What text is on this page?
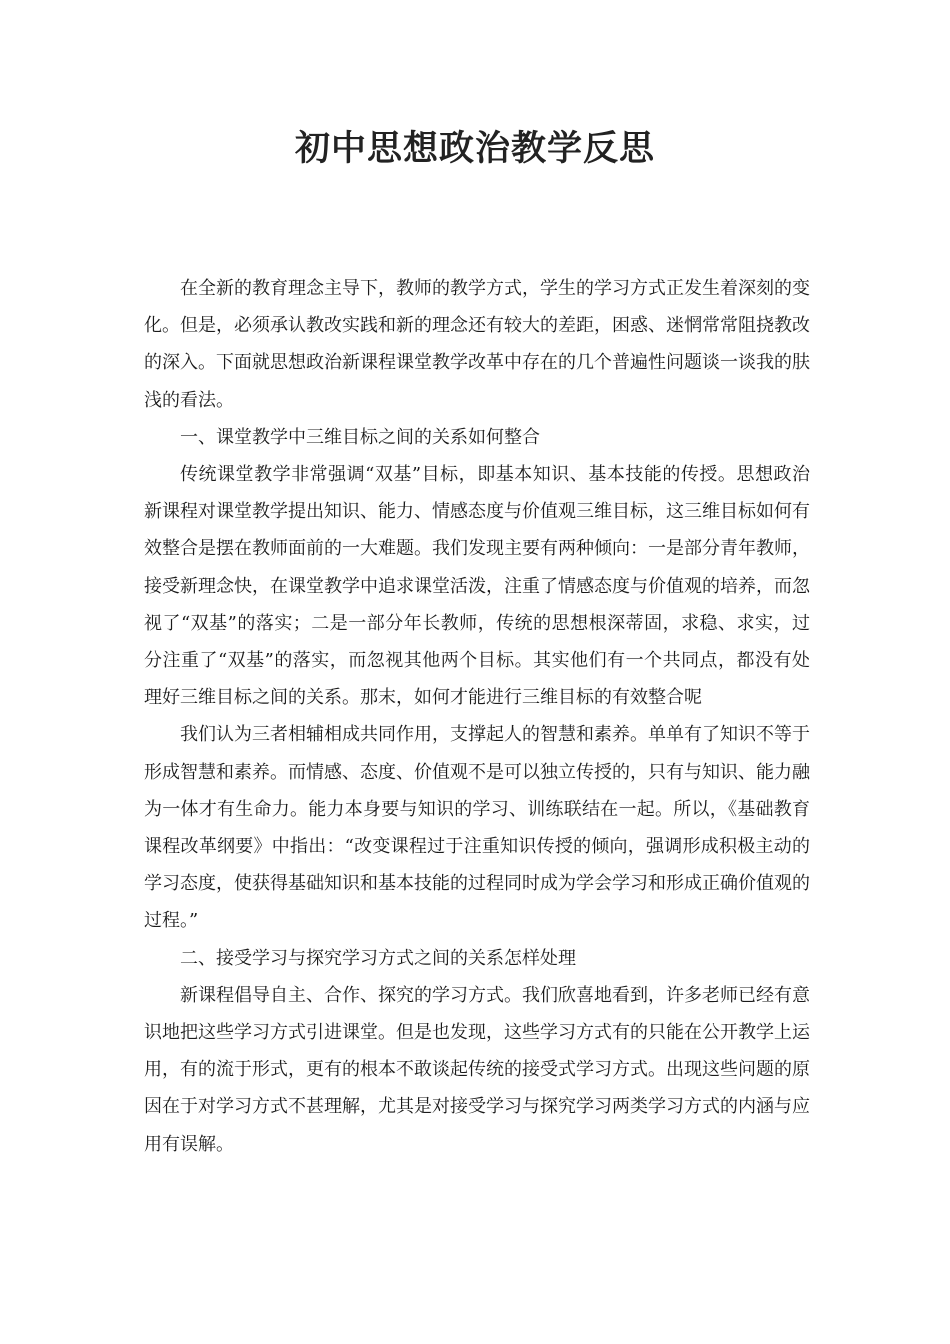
初中思想政治教学反思

在全新的教育理念主导下，教师的教学方式，学生的学习方式正发生着深刻的变化。但是，必须承认教改实践和新的理念还有较大的差距，困惑、迷惘常常阻挠教改的深入。下面就思想政治新课程课堂教学改革中存在的几个普遍性问题谈一谈我的肤浅的看法。

一、课堂教学中三维目标之间的关系如何整合

传统课堂教学非常强调“双基”目标，即基本知识、基本技能的传授。思想政治新课程对课堂教学提出知识、能力、情感态度与价值观三维目标，这三维目标如何有效整合是摆在教师面前的一大难题。我们发现主要有两种倾向：一是部分青年教师，接受新理念快，在课堂教学中追求课堂活泼，注重了情感态度与价值观的培养，而忽视了“双基”的落实；二是一部分年长教师，传统的思想根深蒂固，求稳、求实，过分注重了“双基”的落实，而忽视其他两个目标。其实他们有一个共同点，都没有处理好三维目标之间的关系。那末，如何才能进行三维目标的有效整合呢

我们认为三者相辅相成共同作用，支撑起人的智慧和素养。单单有了知识不等于形成智慧和素养。而情感、态度、价值观不是可以独立传授的，只有与知识、能力融为一体才有生命力。能力本身要与知识的学习、训练联结在一起。所以，《基础教育课程改革纲要》中指出：“改变课程过于注重知识传授的倾向，强调形成积极主动的学习态度，使获得基础知识和基本技能的过程同时成为学会学习和形成正确价值观的过程。”

二、接受学习与探究学习方式之间的关系怎样处理

新课程倡导自主、合作、探究的学习方式。我们欣喜地看到，许多老师已经有意识地把这些学习方式引进课堂。但是也发现，这些学习方式有的只能在公开教学上运用，有的流于形式，更有的根本不敢谈起传统的接受式学习方式。出现这些问题的原因在于对学习方式不甚理解，尤其是对接受学习与探究学习两类学习方式的内涵与应用有误解。
